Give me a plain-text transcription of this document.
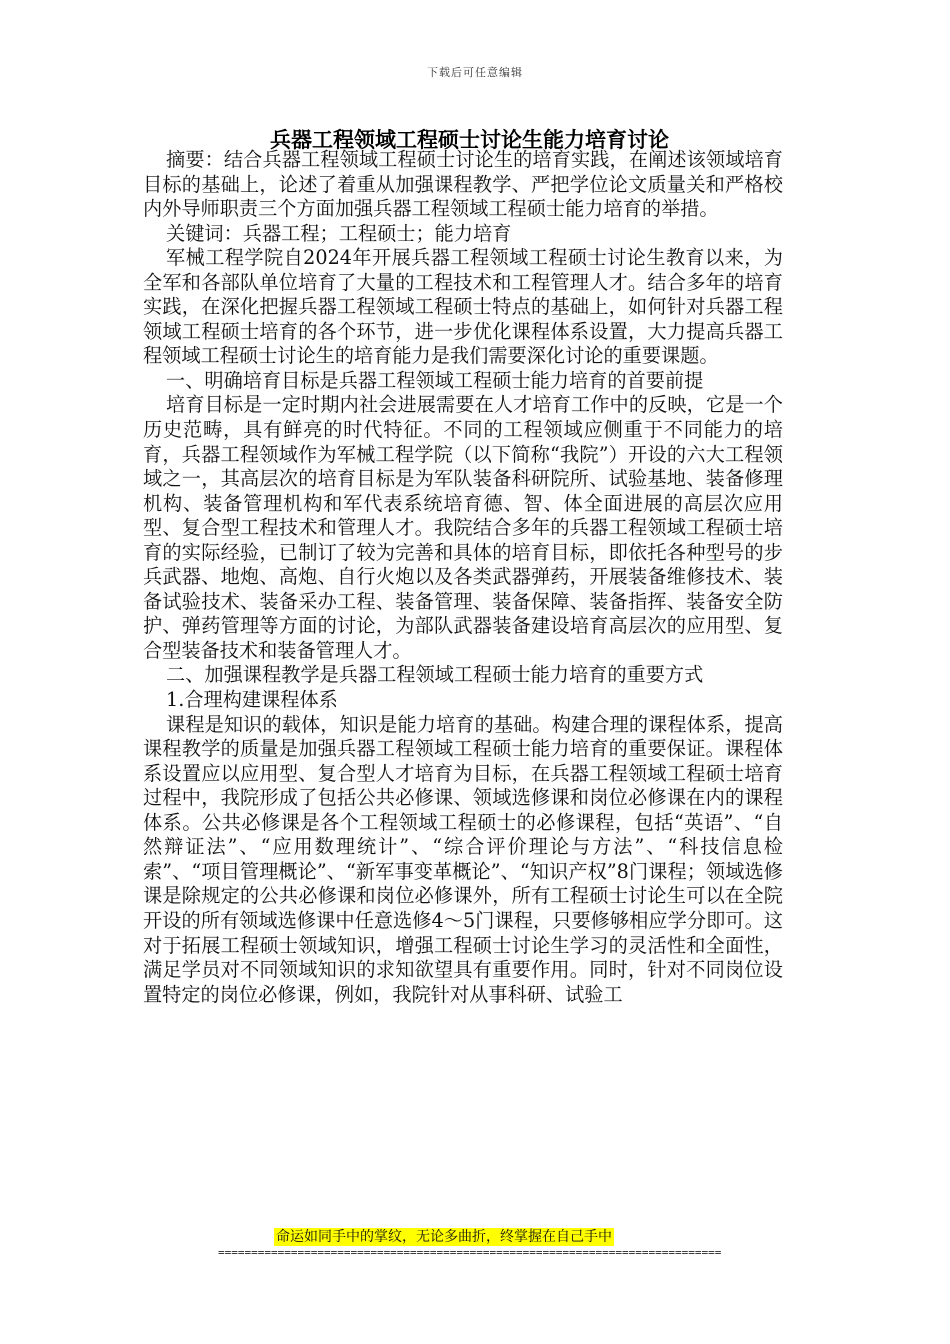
下载后可任意编辑
兵器工程领域工程硕士讨论生能力培育讨论

摘要：结合兵器工程领域工程硕士讨论生的培育实践，在阐述该领域培育目标的基础上，论述了着重从加强课程教学、严把学位论文质量关和严格校内外导师职责三个方面加强兵器工程领域工程硕士能力培育的举措。

关键词：兵器工程；工程硕士；能力培育

军械工程学院自2024年开展兵器工程领域工程硕士讨论生教育以来，为全军和各部队单位培育了大量的工程技术和工程管理人才。结合多年的培育实践，在深化把握兵器工程领域工程硕士特点的基础上，如何针对兵器工程领域工程硕士培育的各个环节，进一步优化课程体系设置，大力提高兵器工程领域工程硕士讨论生的培育能力是我们需要深化讨论的重要课题。

一、明确培育目标是兵器工程领域工程硕士能力培育的首要前提

培育目标是一定时期内社会进展需要在人才培育工作中的反映，它是一个历史范畴，具有鲜亮的时代特征。不同的工程领域应侧重于不同能力的培育，兵器工程领域作为军械工程学院（以下简称“我院”）开设的六大工程领域之一，其高层次的培育目标是为军队装备科研院所、试验基地、装备修理机构、装备管理机构和军代表系统培育德、智、体全面进展的高层次应用型、复合型工程技术和管理人才。我院结合多年的兵器工程领域工程硕士培育的实际经验，已制订了较为完善和具体的培育目标，即依托各种型号的步兵武器、地炮、高炮、自行火炮以及各类武器弹药，开展装备维修技术、装备试验技术、装备采办工程、装备管理、装备保障、装备指挥、装备安全防护、弹药管理等方面的讨论，为部队武器装备建设培育高层次的应用型、复合型装备技术和装备管理人才。

二、加强课程教学是兵器工程领域工程硕士能力培育的重要方式

1.合理构建课程体系

课程是知识的载体，知识是能力培育的基础。构建合理的课程体系，提高课程教学的质量是加强兵器工程领域工程硕士能力培育的重要保证。课程体系设置应以应用型、复合型人才培育为目标，在兵器工程领域工程硕士培育过程中，我院形成了包括公共必修课、领域选修课和岗位必修课在内的课程体系。公共必修课是各个工程领域工程硕士的必修课程，包括“英语”、“自然辩证法”、“应用数理统计”、“综合评价理论与方法”、“科技信息检索”、“项目管理概论”、“新军事变革概论”、“知识产权”8门课程；领域选修课是除规定的公共必修课和岗位必修课外，所有工程硕士讨论生可以在全院开设的所有领域选修课中任意选修4～5门课程，只要修够相应学分即可。这对于拓展工程硕士领域知识，增强工程硕士讨论生学习的灵活性和全面性，满足学员对不同领域知识的求知欲望具有重要作用。同时，针对不同岗位设置特定的岗位必修课，例如，我院针对从事科研、试验工

命运如同手中的掌纹，无论多曲折，终掌握在自己手中
============================================================================
